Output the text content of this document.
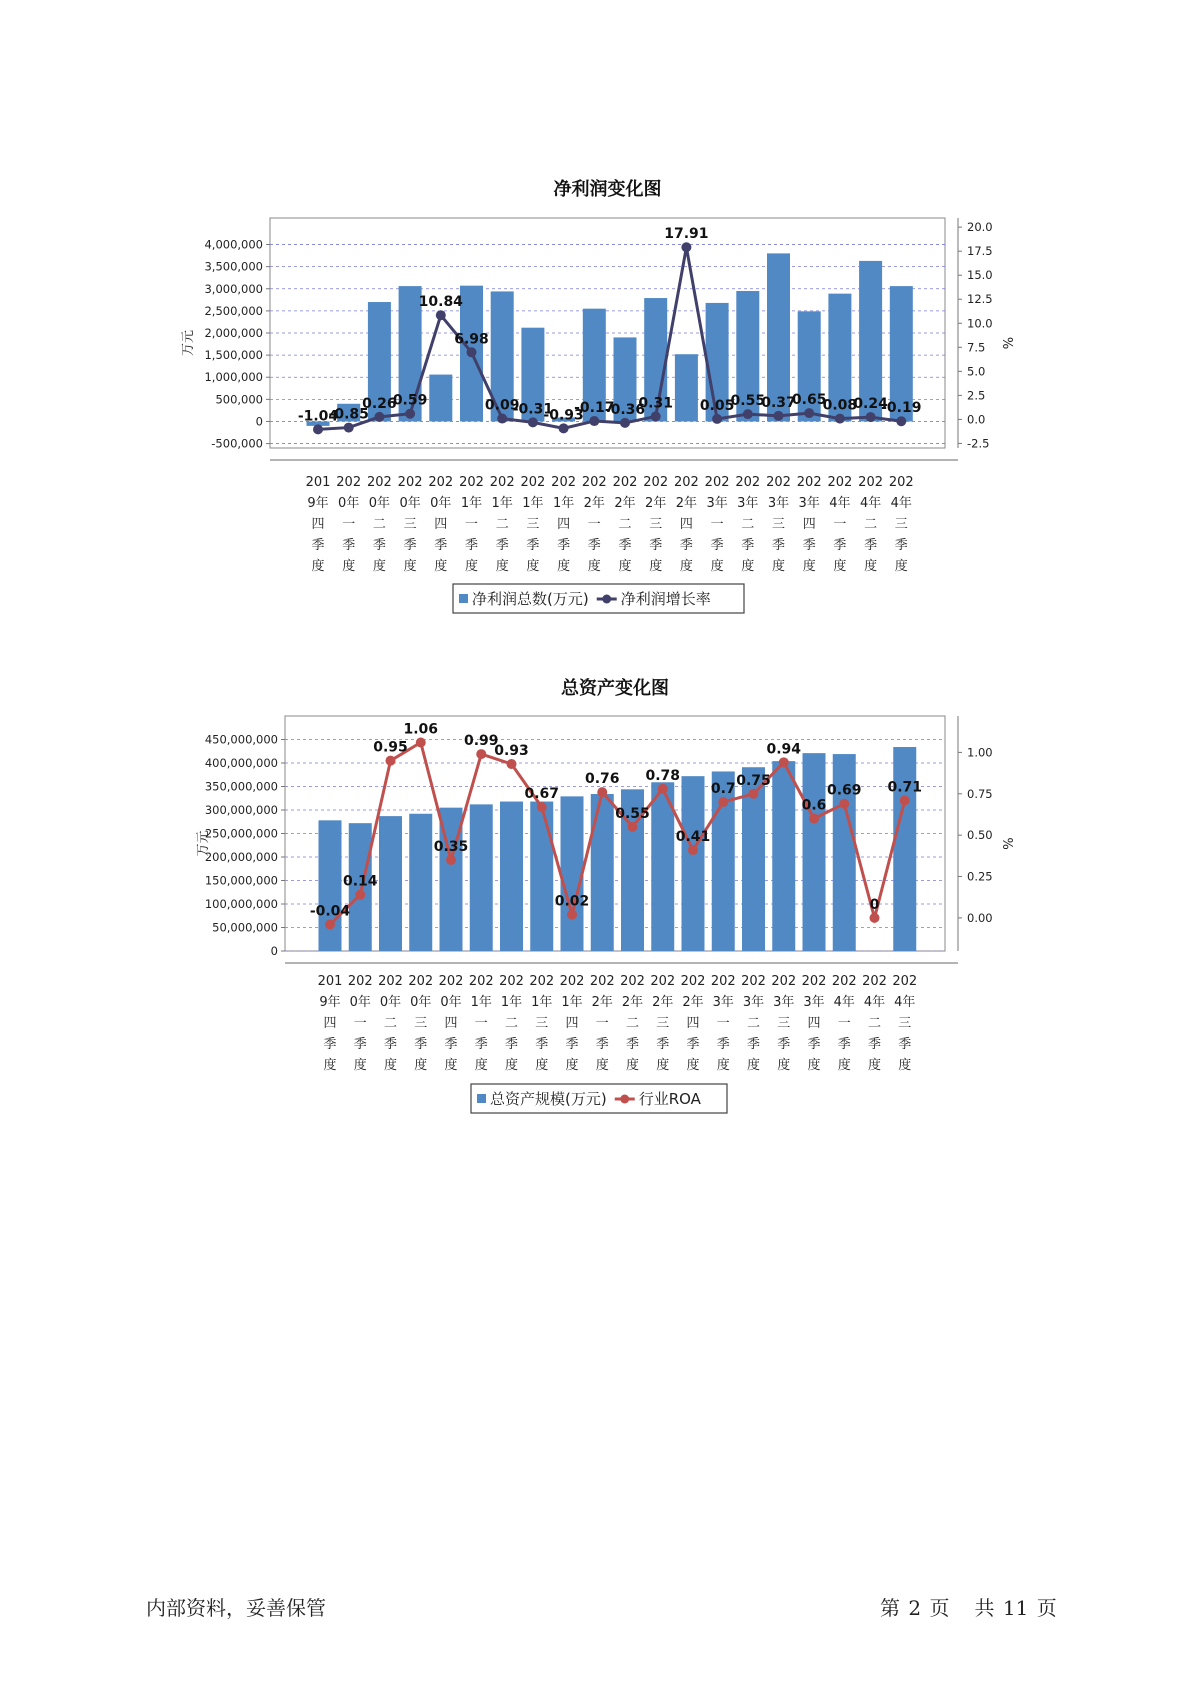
净利润变化图
-500,000
0
500,000
1,000,000
1,500,000
2,000,000
2,500,000
3,000,000
3,500,000
4,000,000
-2.5
0.0
2.5
5.0
7.5
10.0
12.5
15.0
17.5
20.0
万元	%
-1.04
-0.85
0.26
0.59
10.84
6.98
0.09
-0.31
-0.93
-0.17
-0.36
0.31
17.91
0.05
0.55
0.37
0.65
0.08
0.24
-0.19
201 9年四季度
202 0年一季度
202 0年二季度
202 0年三季度
202 0年四季度
202 1年一季度
202 1年二季度
202 1年三季度
202 1年四季度
202 2年一季度
202 2年二季度
202 2年三季度
202 2年四季度
202 3年一季度
202 3年二季度
202 3年三季度
202 3年四季度
202 4年一季度
202 4年二季度
202 4年三季度
净利润总数(万元) 净利润增长率
总资产变化图
0
50,000,000
100,000,000
150,000,000
200,000,000
250,000,000
300,000,000
350,000,000
400,000,000
450,000,000
0.00
0.25
0.50
0.75
1.00
万元	%
-0.04
0.14
0.95
1.06
0.35
0.99
0.93
0.67
0.02
0.76
0.55
0.78
0.41
0.7
0.75
0.94
0.6
0.69
0
0.71
201 9年四季度
202 0年一季度
202 0年二季度
202 0年三季度
202 0年四季度
202 1年一季度
202 1年二季度
202 1年三季度
202 1年四季度
202 2年一季度
202 2年二季度
202 2年三季度
202 2年四季度
202 3年一季度
202 3年二季度
202 3年三季度
202 3年四季度
202 4年一季度
202 4年二季度
202 4年三季度
总资产规模(万元) 行业ROA
内部资料，妥善保管	第 2 页 共 11 页
